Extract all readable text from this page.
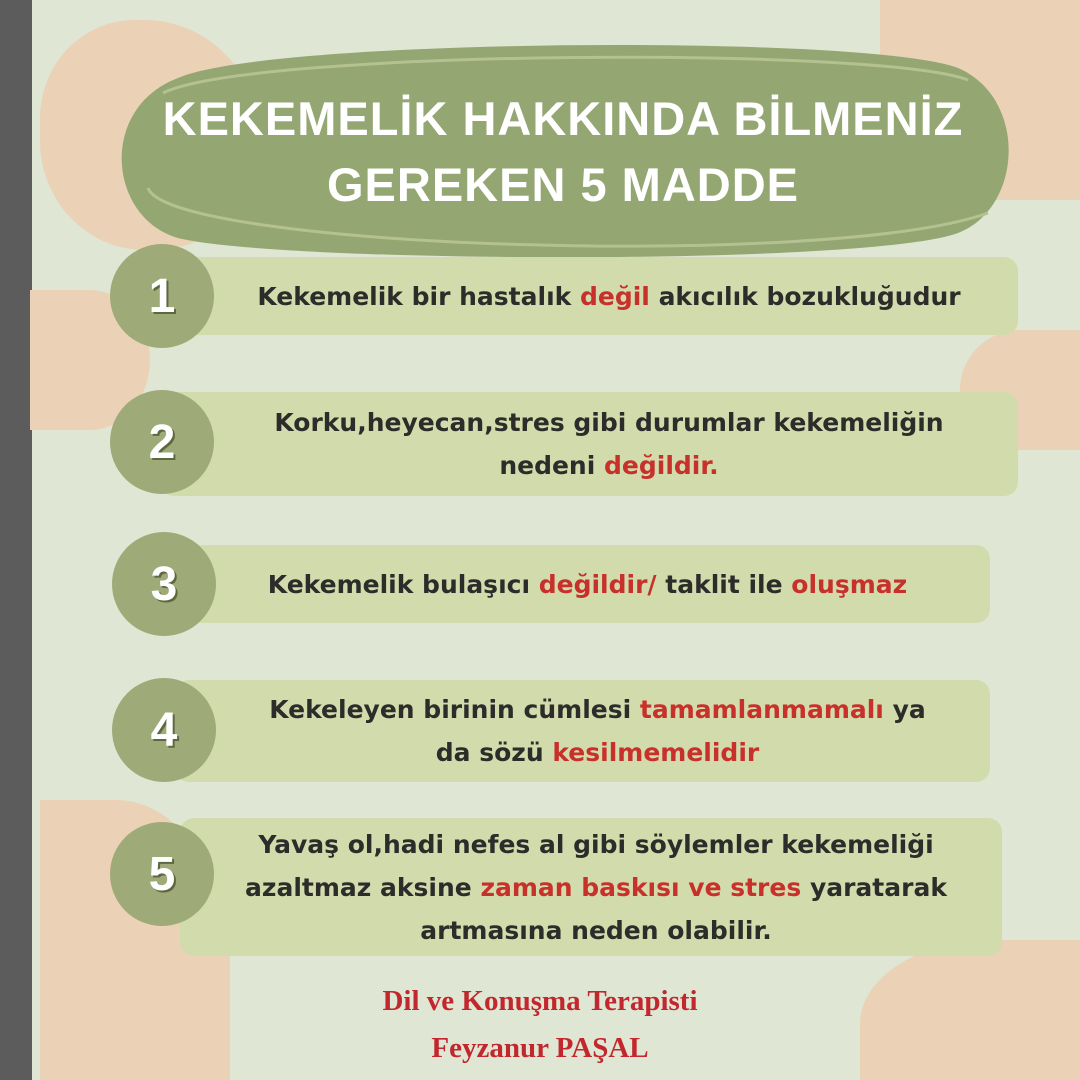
KEKEMELİK HAKKINDA BİLMENİZ
GEREKEN 5 MADDE
Kekemelik bir hastalık değil akıcılık bozukluğudur
1
Korku,heyecan,stres gibi durumlar kekemeliğin
nedeni değildir.
2
Kekemelik bulaşıcı değildir/ taklit ile oluşmaz
3
Kekeleyen birinin cümlesi tamamlanmamalı ya
da sözü kesilmemelidir
4
Yavaş ol,hadi nefes al gibi söylemler kekemeliği
azaltmaz aksine zaman baskısı ve stres yaratarak
artmasına neden olabilir.
5
Dil ve Konuşma Terapisti
Feyzanur PAŞAL
